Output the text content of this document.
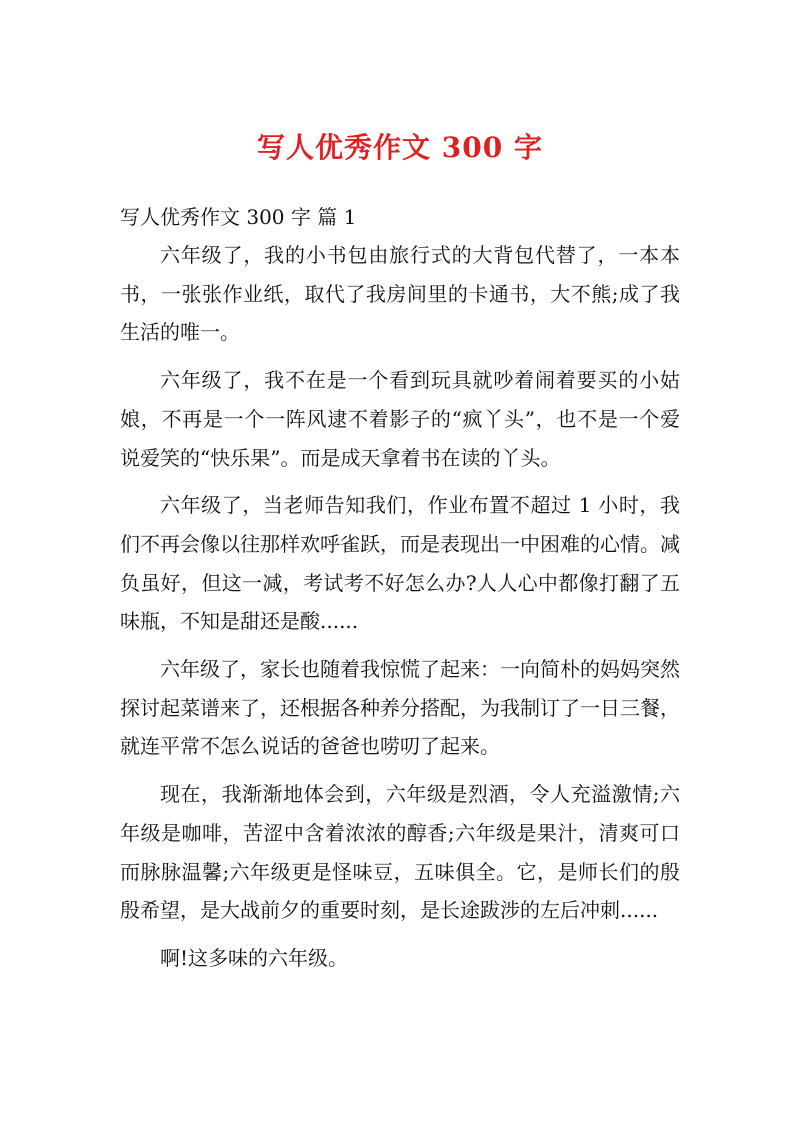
写人优秀作文 300 字

写人优秀作文 300 字 篇 1

六年级了，我的小书包由旅行式的大背包代替了，一本本书，一张张作业纸，取代了我房间里的卡通书，大不熊;成了我生活的唯一。

六年级了，我不在是一个看到玩具就吵着闹着要买的小姑娘，不再是一个一阵风逮不着影子的“疯丫头”，也不是一个爱说爱笑的“快乐果”。而是成天拿着书在读的丫头。

六年级了，当老师告知我们，作业布置不超过 1 小时，我们不再会像以往那样欢呼雀跃，而是表现出一中困难的心情。减负虽好，但这一减，考试考不好怎么办?人人心中都像打翻了五味瓶，不知是甜还是酸......

六年级了，家长也随着我惊慌了起来：一向简朴的妈妈突然探讨起菜谱来了，还根据各种养分搭配，为我制订了一日三餐，就连平常不怎么说话的爸爸也唠叨了起来。

现在，我渐渐地体会到，六年级是烈酒，令人充溢激情;六年级是咖啡，苦涩中含着浓浓的醇香;六年级是果汁，清爽可口而脉脉温馨;六年级更是怪味豆，五味俱全。它，是师长们的殷殷希望，是大战前夕的重要时刻，是长途跋涉的左后冲刺......

啊!这多味的六年级。
